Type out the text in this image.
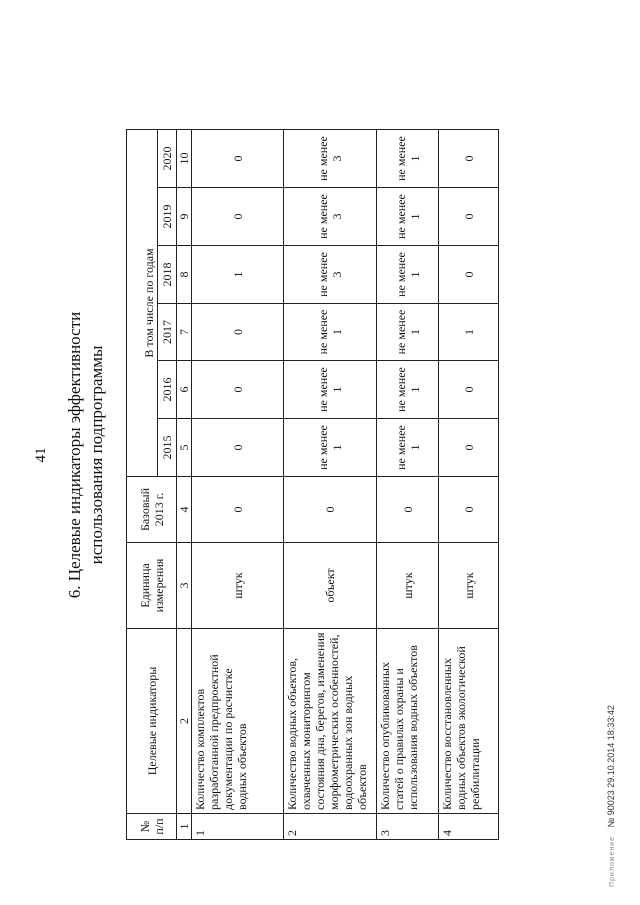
41 6. Целевые индикаторы эффективности использования подпрограммы
№ п/п	Целевые индикаторы	Единица измерения	Базовый 2013 г.	В том числе по годам					
				2015	2016	2017	2018	2019	2020
1	2	3	4	5	6	7	8	9	10
1	Количество комплектов разработанной предпроектной документации по расчистке водных объектов	штук	0	0	0	0	1	0	0
2	Количество водных объектов, охваченных мониторингом состояния дна, берегов, изменения морфометрических особенностей, водоохранных зон водных объектов	объект	0	не менее 1	не менее 1	не менее 1	не менее 3	не менее 3	не менее 3
3	Количество опубликованных статей о правилах охраны и использования водных объектов	штук	0	не менее 1	не менее 1	не менее 1	не менее 1	не менее 1	не менее 1
4	Количество восстановленных водных объектов экологической реабилитации	штук	0	0	0	1	0	0	0
Приложение № 90023 29.10.2014 18:33:42
